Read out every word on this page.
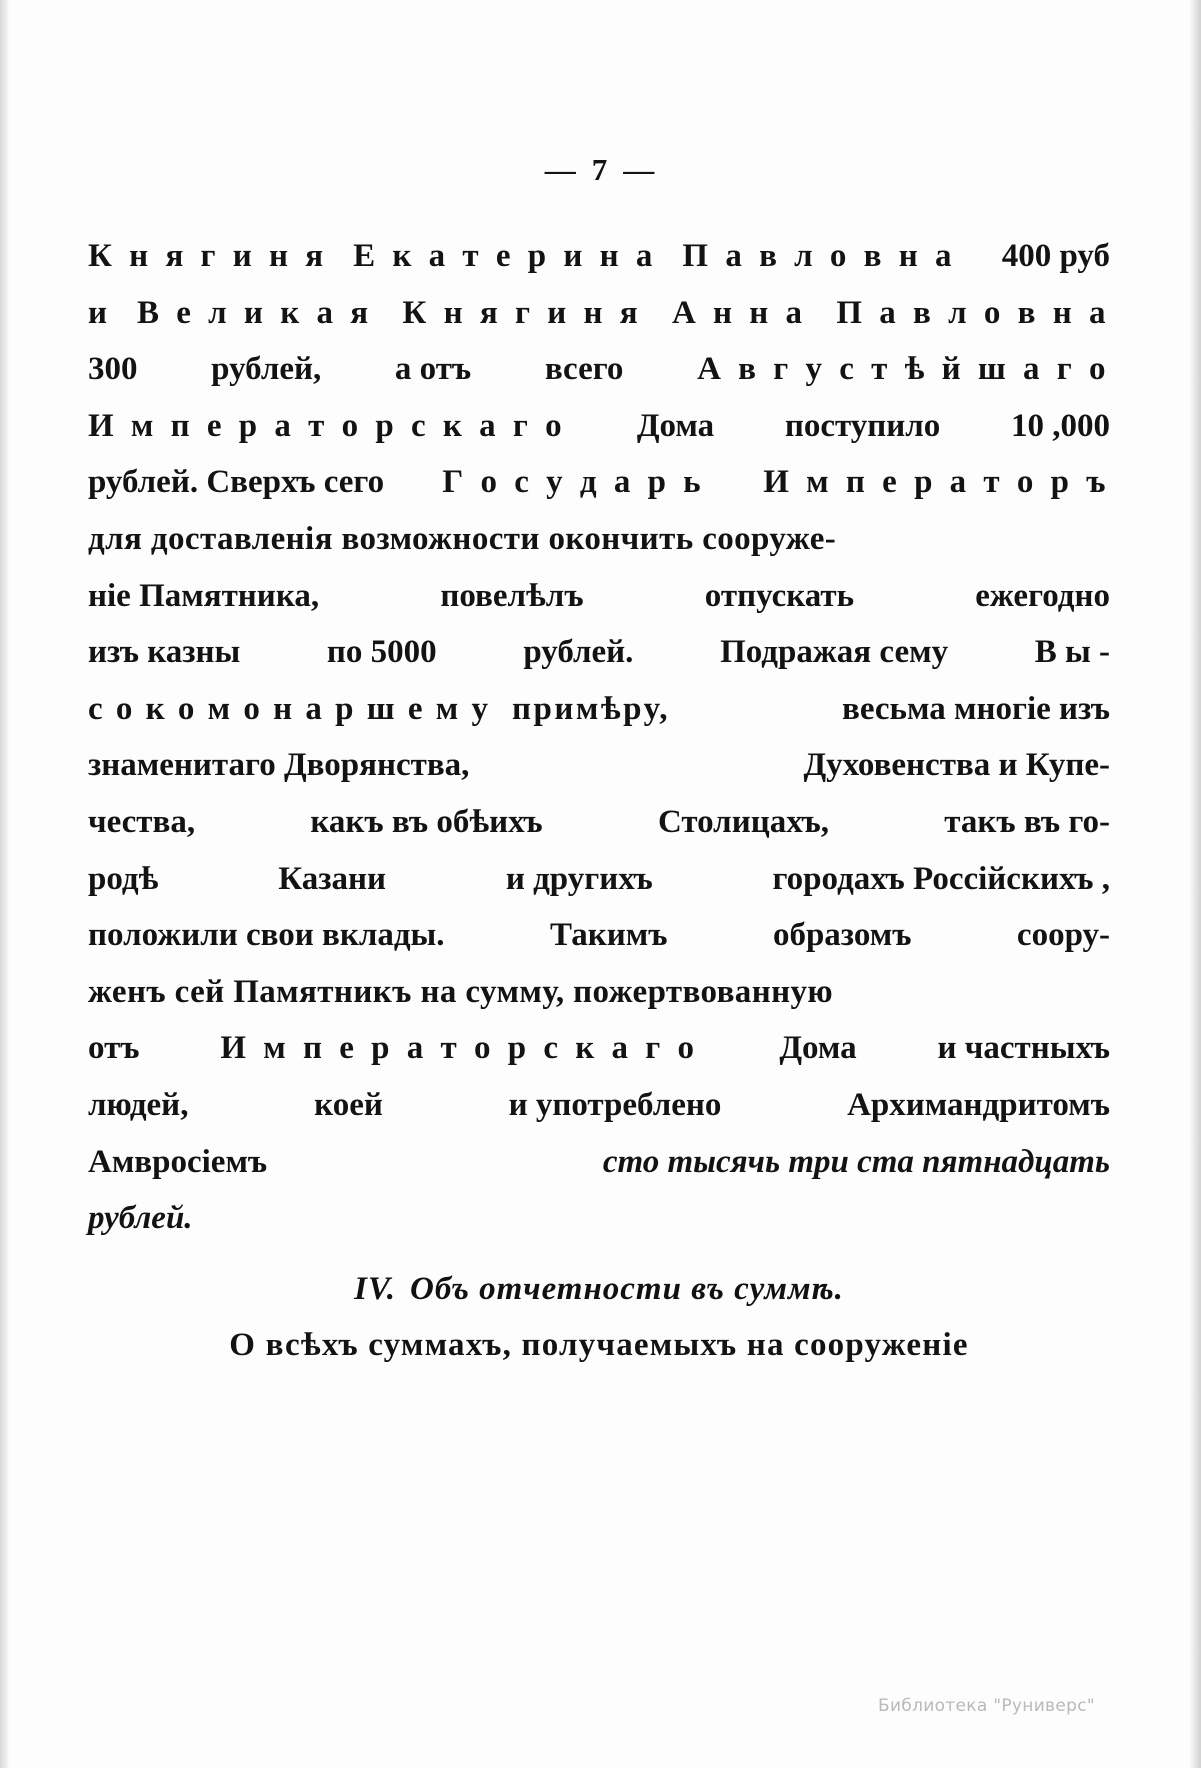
— 7 —
К н я г и н я  Е к а т е р и н а  П а в л о в н а 400 руб
и  В е л и к а я К н я г и н я А н н а П а в л о в н а
300 рублей, а отъ всего А в г у с т ѣ й ш а г о
И м п е р а т о р с к а г о Дома поступило 10 ,000
рублей. Сверхъ сего Г о с у д а р ь И м п е р а т о р ъ
для доставленія возможности окончить сооруже-
ніе Памятника,	повелѣлъ	отпускать	ежегодно
изъ казны	по 5000	рублей.	Подражая сему	В ы -
с о к о м о н а р ш е м у  примѣру,	весьма многіе изъ
знаменитаго Дворянства,	Духовенства и Купе-
чества,	какъ въ обѣихъ	Столицахъ,	такъ въ го-
родѣ	Казани	и другихъ	городахъ Россійскихъ ,
положили свои вклады.	Такимъ	образомъ	соору-
женъ сей Памятникъ на сумму, пожертвованную
отъ И м п е р а т о р с к а г о Дома и частныхъ
людей,	коей	и употреблено	Архимандритомъ
Амвросіемъ	сто тысячь три ста пятнадцать
рублей.
IV. Объ отчетности въ суммѣ.
О всѣхъ суммахъ, получаемыхъ на сооруженіе
Библиотека "Руниверс"
